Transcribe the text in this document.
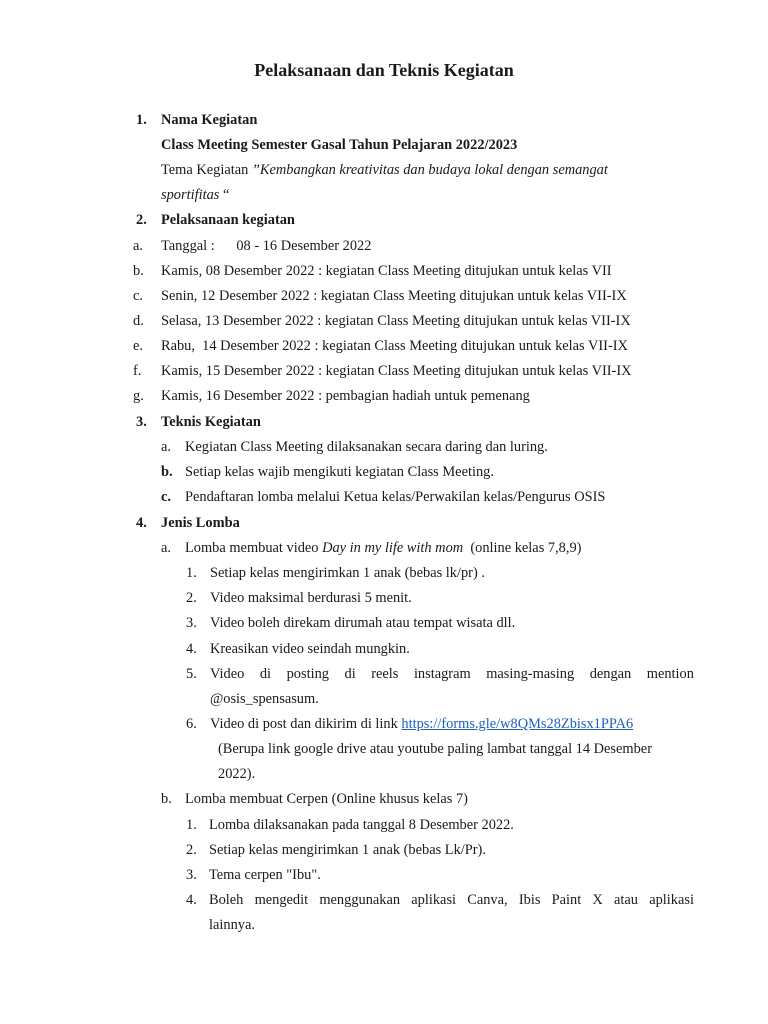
Pelaksanaan dan Teknis Kegiatan
1. Nama Kegiatan
Class Meeting Semester Gasal Tahun Pelajaran 2022/2023
Tema Kegiatan ”Kembangkan kreativitas dan budaya lokal dengan semangat
sportifitas “
2. Pelaksanaan kegiatan
a. Tanggal :      08 - 16 Desember 2022
b. Kamis, 08 Desember 2022 : kegiatan Class Meeting ditujukan untuk kelas VII
c. Senin, 12 Desember 2022 : kegiatan Class Meeting ditujukan untuk kelas VII-IX
d. Selasa, 13 Desember 2022 : kegiatan Class Meeting ditujukan untuk kelas VII-IX
e. Rabu,  14 Desember 2022 : kegiatan Class Meeting ditujukan untuk kelas VII-IX
f. Kamis, 15 Desember 2022 : kegiatan Class Meeting ditujukan untuk kelas VII-IX
g. Kamis, 16 Desember 2022 : pembagian hadiah untuk pemenang
3. Teknis Kegiatan
a. Kegiatan Class Meeting dilaksanakan secara daring dan luring.
b. Setiap kelas wajib mengikuti kegiatan Class Meeting.
c. Pendaftaran lomba melalui Ketua kelas/Perwakilan kelas/Pengurus OSIS
4. Jenis Lomba
a. Lomba membuat video Day in my life with mom  (online kelas 7,8,9)
1. Setiap kelas mengirimkan 1 anak (bebas lk/pr) .
2. Video maksimal berdurasi 5 menit.
3. Video boleh direkam dirumah atau tempat wisata dll.
4. Kreasikan video seindah mungkin.
5. Video di posting di reels instagram masing-masing dengan mention
@osis_spensasum.
6. Video di post dan dikirim di link https://forms.gle/w8QMs28Zbisx1PPA6
(Berupa link google drive atau youtube paling lambat tanggal 14 Desember
2022).
b. Lomba membuat Cerpen (Online khusus kelas 7)
1. Lomba dilaksanakan pada tanggal 8 Desember 2022.
2. Setiap kelas mengirimkan 1 anak (bebas Lk/Pr).
3. Tema cerpen "Ibu".
4. Boleh mengedit menggunakan aplikasi Canva, Ibis Paint X atau aplikasi
lainnya.
